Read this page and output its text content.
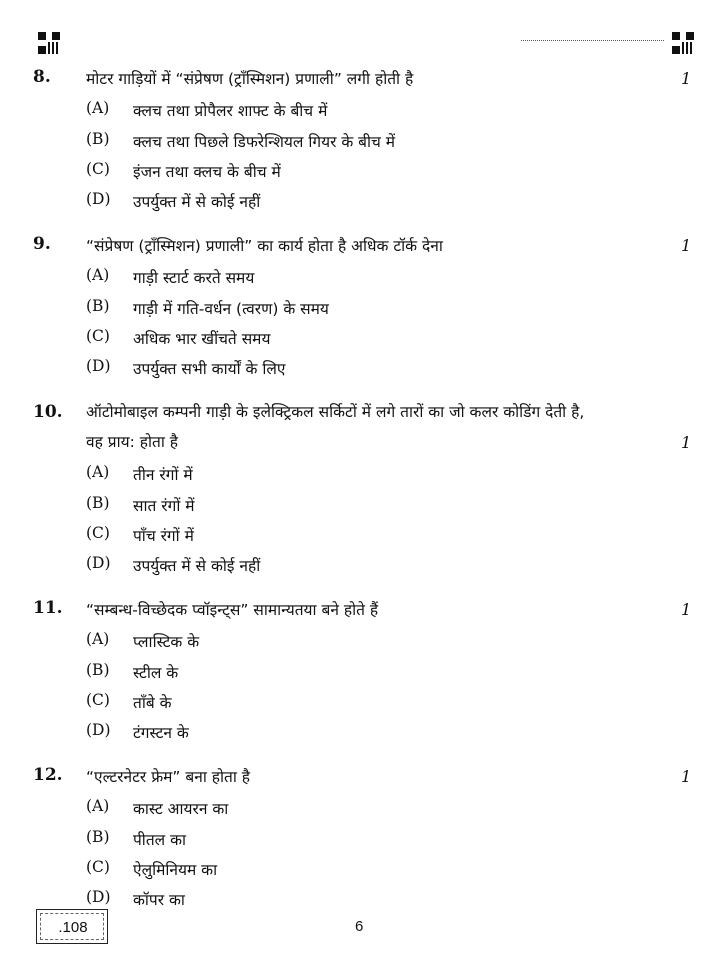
8. मोटर गाड़ियों में “संप्रेषण (ट्रॉंस्मिशन) प्रणाली” लगी होती है	1
(A) क्लच तथा प्रोपैलर शाफ्ट के बीच में
(B) क्लच तथा पिछले डिफरेन्शियल गियर के बीच में
(C) इंजन तथा क्लच के बीच में
(D) उपर्युक्त में से कोई नहीं
9. “संप्रेषण (ट्रॉंस्मिशन) प्रणाली” का कार्य होता है अधिक टॉर्क देना	1
(A) गाड़ी स्टार्ट करते समय
(B) गाड़ी में गति-वर्धन (त्वरण) के समय
(C) अधिक भार खींचते समय
(D) उपर्युक्त सभी कार्यों के लिए
10. ऑटोमोबाइल कम्पनी गाड़ी के इलेक्ट्रिकल सर्किटों में लगे तारों का जो कलर कोडिंग देती है,
वह प्राय: होता है	1
(A) तीन रंगों में
(B) सात रंगों में
(C) पाँच रंगों में
(D) उपर्युक्त में से कोई नहीं
11. “सम्बन्ध-विच्छेदक प्वॉइन्ट्स” सामान्यतया बने होते हैं	1
(A) प्लास्टिक के
(B) स्टील के
(C) ताँबे के
(D) टंगस्टन के
12. “एल्टरनेटर फ्रेम” बना होता है	1
(A) कास्ट आयरन का
(B) पीतल का
(C) ऐलुमिनियम का
(D) कॉपर का
.108	6
